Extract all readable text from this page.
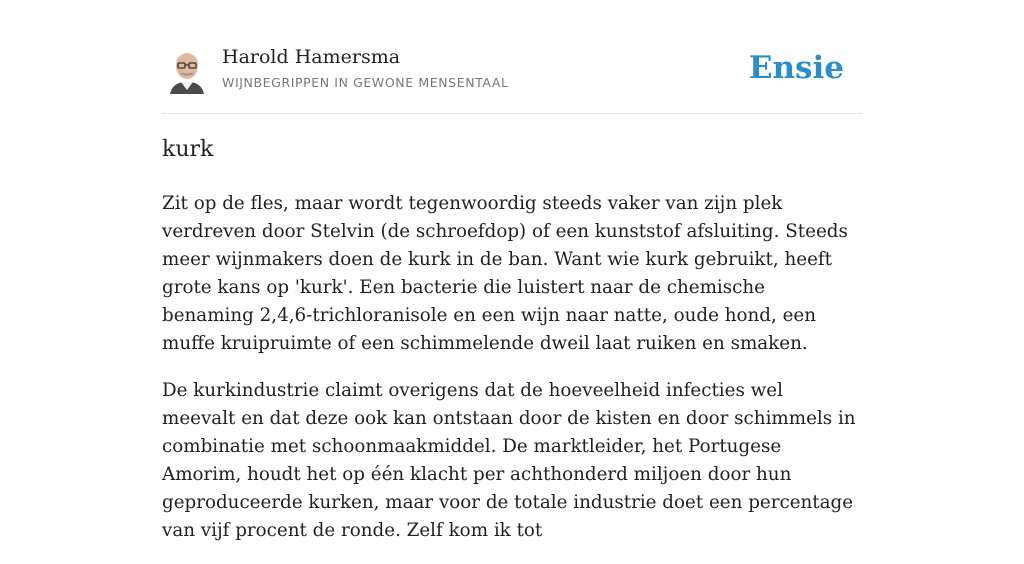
Harold Hamersma
WIJNBEGRIPPEN IN GEWONE MENSENTAAL	Ensie
kurk

Zit op de fles, maar wordt tegenwoordig steeds vaker van zijn plek verdreven door Stelvin (de schroefdop) of een kunststof afsluiting. Steeds meer wijnmakers doen de kurk in de ban. Want wie kurk gebruikt, heeft grote kans op 'kurk'. Een bacterie die luistert naar de chemische benaming 2,4,6-trichloranisole en een wijn naar natte, oude hond, een muffe kruipruimte of een schimmelende dweil laat ruiken en smaken.

De kurkindustrie claimt overigens dat de hoeveelheid infecties wel meevalt en dat deze ook kan ontstaan door de kisten en door schimmels in combinatie met schoonmaakmiddel. De marktleider, het Portugese Amorim, houdt het op één klacht per achthonderd miljoen door hun geproduceerde kurken, maar voor de totale industrie doet een percentage van vijf procent de ronde. Zelf kom ik tot
